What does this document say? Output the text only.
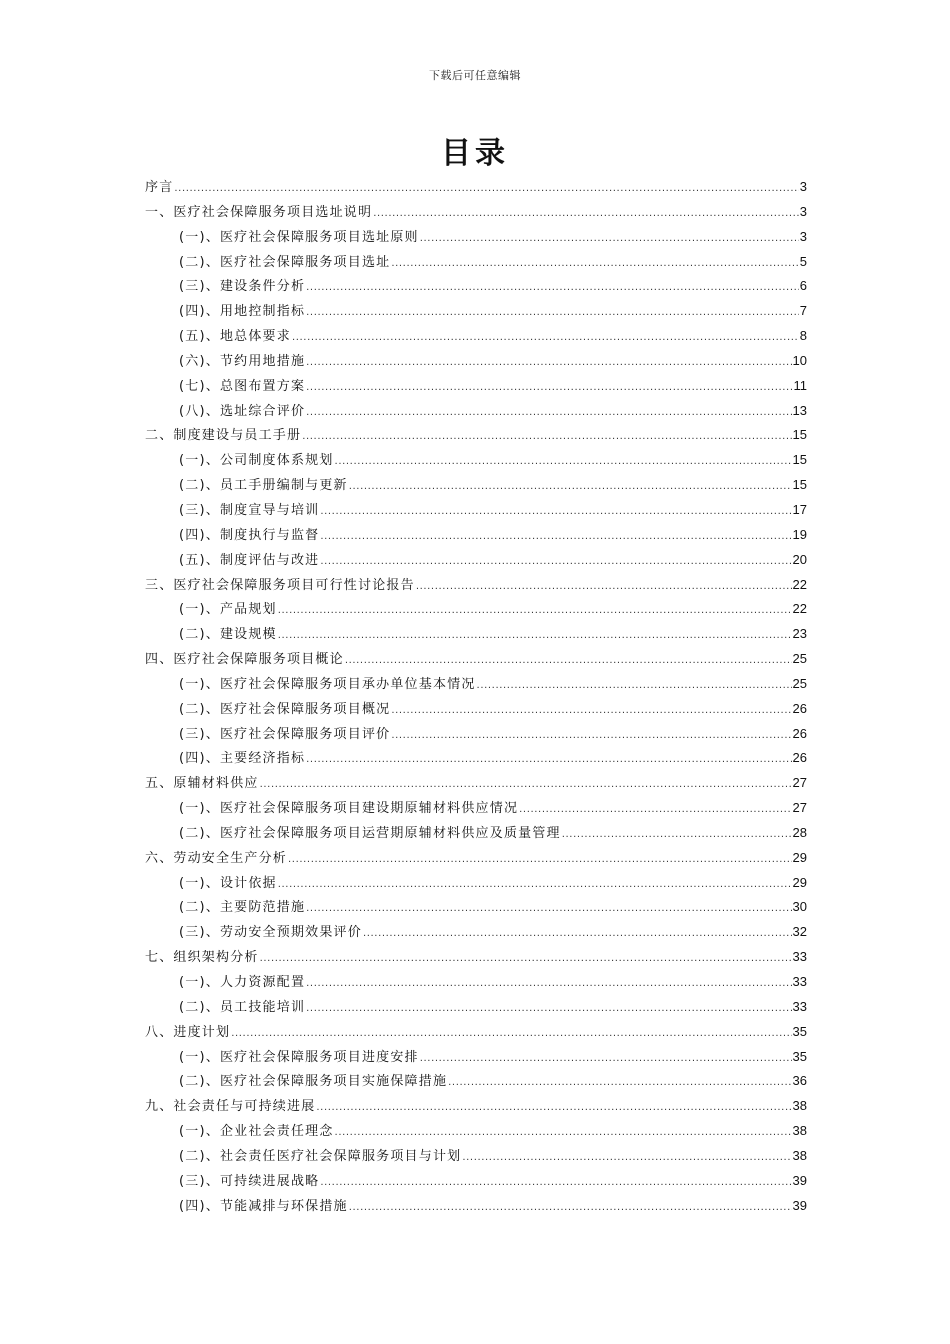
下载后可任意编辑
目录
序言 .....	3
一、医疗社会保障服务项目选址说明 .....	3
(一)、医疗社会保障服务项目选址原则 .....	3
(二)、医疗社会保障服务项目选址 .....	5
(三)、建设条件分析 .....	6
(四)、用地控制指标 .....	7
(五)、地总体要求 .....	8
(六)、节约用地措施 .....	10
(七)、总图布置方案 .....	11
(八)、选址综合评价 .....	13
二、制度建设与员工手册 .....	15
(一)、公司制度体系规划 .....	15
(二)、员工手册编制与更新 .....	15
(三)、制度宣导与培训 .....	17
(四)、制度执行与监督 .....	19
(五)、制度评估与改进 .....	20
三、医疗社会保障服务项目可行性讨论报告 .....	22
(一)、产品规划 .....	22
(二)、建设规模 .....	23
四、医疗社会保障服务项目概论 .....	25
(一)、医疗社会保障服务项目承办单位基本情况 .....	25
(二)、医疗社会保障服务项目概况 .....	26
(三)、医疗社会保障服务项目评价 .....	26
(四)、主要经济指标 .....	26
五、原辅材料供应 .....	27
(一)、医疗社会保障服务项目建设期原辅材料供应情况 .....	27
(二)、医疗社会保障服务项目运营期原辅材料供应及质量管理 .....	28
六、劳动安全生产分析 .....	29
(一)、设计依据 .....	29
(二)、主要防范措施 .....	30
(三)、劳动安全预期效果评价 .....	32
七、组织架构分析 .....	33
(一)、人力资源配置 .....	33
(二)、员工技能培训 .....	33
八、进度计划 .....	35
(一)、医疗社会保障服务项目进度安排 .....	35
(二)、医疗社会保障服务项目实施保障措施 .....	36
九、社会责任与可持续进展 .....	38
(一)、企业社会责任理念 .....	38
(二)、社会责任医疗社会保障服务项目与计划 .....	38
(三)、可持续进展战略 .....	39
(四)、节能减排与环保措施 .....	39
